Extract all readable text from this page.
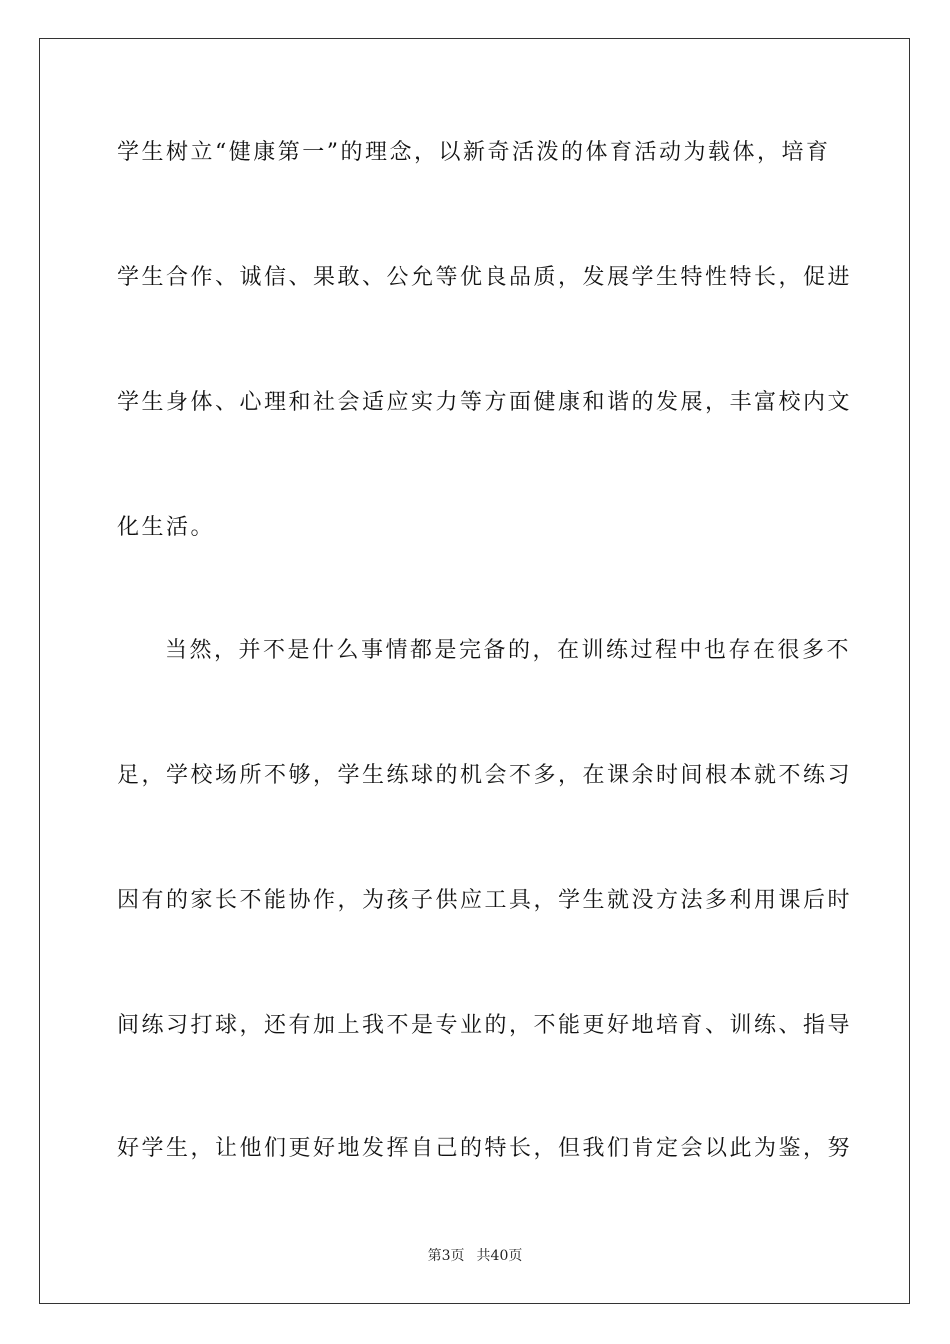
学生树立“健康第一”的理念，以新奇活泼的体育活动为载体，培育
学生合作、诚信、果敢、公允等优良品质，发展学生特性特长，促进
学生身体、心理和社会适应实力等方面健康和谐的发展，丰富校内文
化生活。
当然，并不是什么事情都是完备的，在训练过程中也存在很多不
足，学校场所不够，学生练球的机会不多，在课余时间根本就不练习
因有的家长不能协作，为孩子供应工具，学生就没方法多利用课后时
间练习打球，还有加上我不是专业的，不能更好地培育、训练、指导
好学生，让他们更好地发挥自己的特长，但我们肯定会以此为鉴，努
第3页 共40页
